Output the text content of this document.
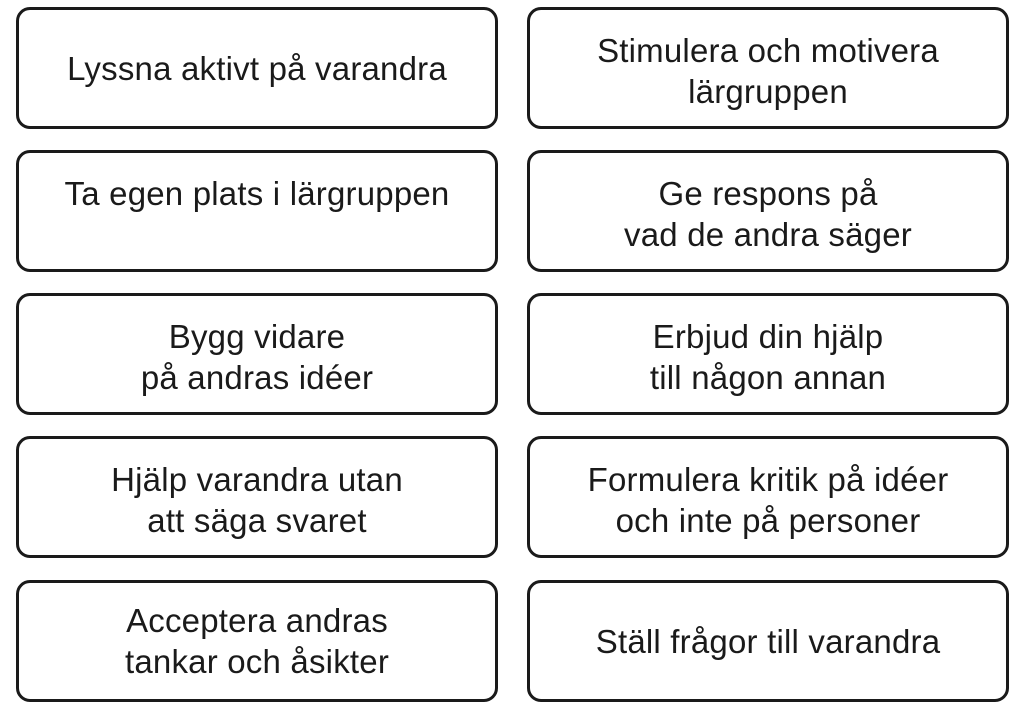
Lyssna aktivt på varandra	Stimulera och motivera
lärgruppen
Ta egen plats i lärgruppen	Ge respons på
vad de andra säger
Bygg vidare
på andras idéer
Erbjud din hjälp
till någon annan
Hjälp varandra utan
att säga svaret
Formulera kritik på idéer
och inte på personer
Acceptera andras
tankar och åsikter
Ställ frågor till varandra
